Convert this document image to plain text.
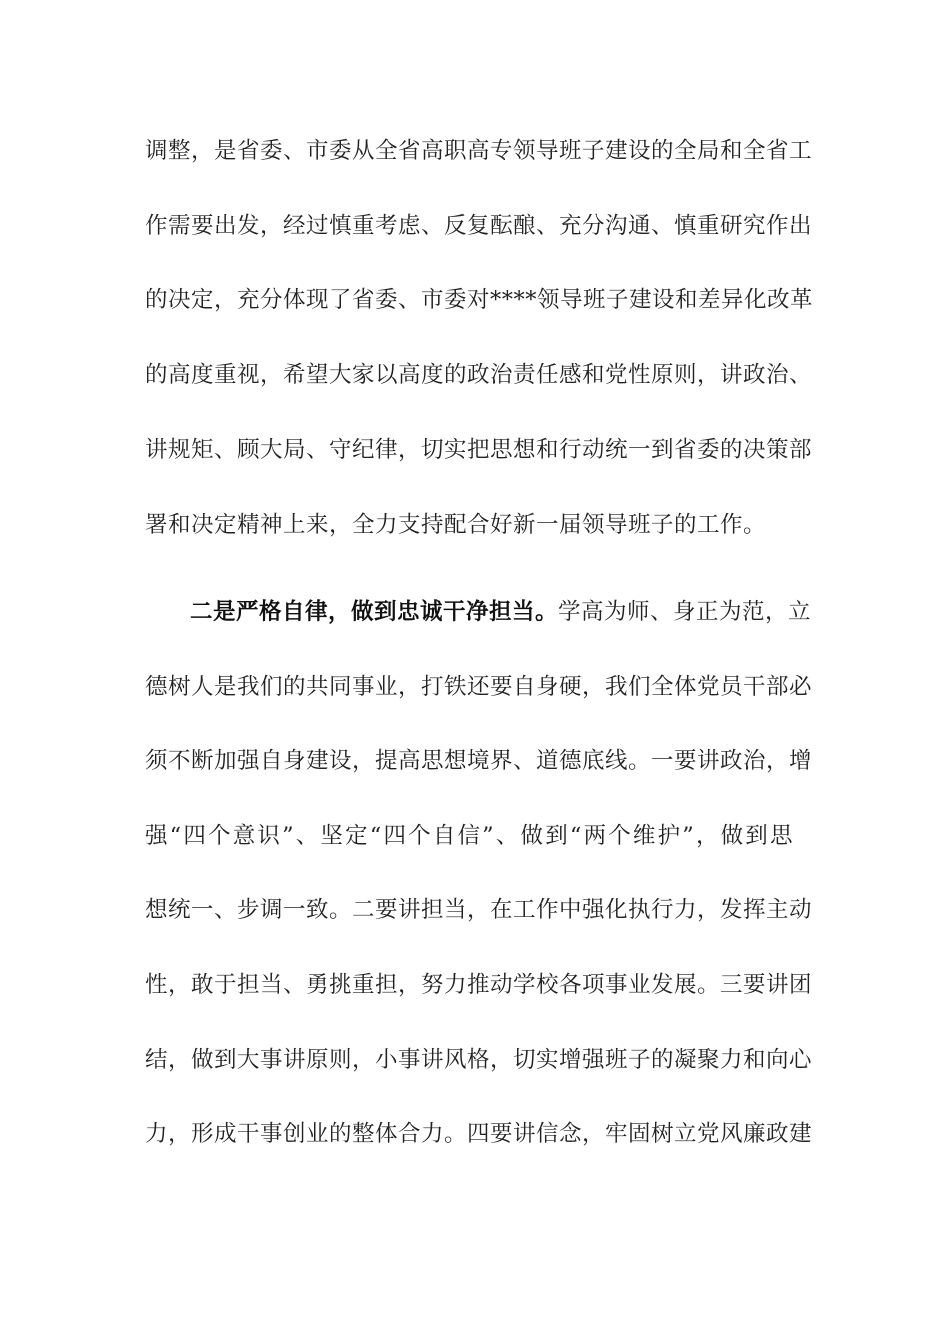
调整，是省委、市委从全省高职高专领导班子建设的全局和全省工
作需要出发，经过慎重考虑、反复酝酿、充分沟通、慎重研究作出
的决定，充分体现了省委、市委对****领导班子建设和差异化改革
的高度重视，希望大家以高度的政治责任感和党性原则，讲政治、
讲规矩、顾大局、守纪律，切实把思想和行动统一到省委的决策部
署和决定精神上来，全力支持配合好新一届领导班子的工作。
二是严格自律，做到忠诚干净担当。学高为师、身正为范，立
德树人是我们的共同事业，打铁还要自身硬，我们全体党员干部必
须不断加强自身建设，提高思想境界、道德底线。一要讲政治，增
强“四个意识”、坚定“四个自信”、做到“两个维护”，做到思
想统一、步调一致。二要讲担当，在工作中强化执行力，发挥主动
性，敢于担当、勇挑重担，努力推动学校各项事业发展。三要讲团
结，做到大事讲原则，小事讲风格，切实增强班子的凝聚力和向心
力，形成干事创业的整体合力。四要讲信念，牢固树立党风廉政建
